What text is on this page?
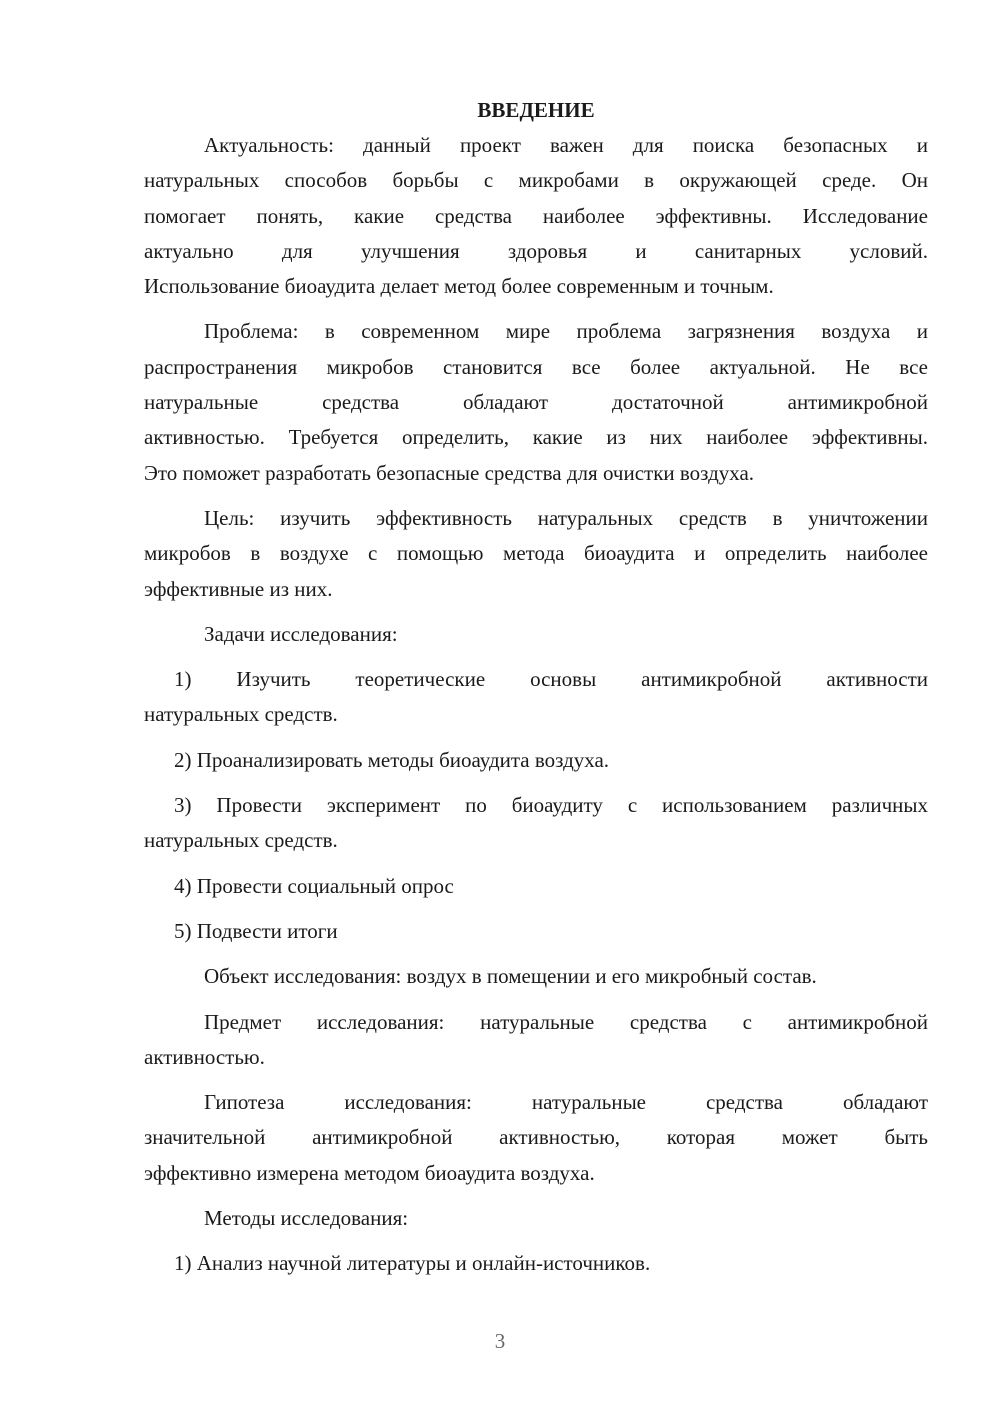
ВВЕДЕНИЕ
Актуальность: данный проект важен для поиска безопасных и
натуральных способов борьбы с микробами в окружающей среде. Он
помогает понять, какие средства наиболее эффективны. Исследование
актуально для улучшения здоровья и санитарных условий.
Использование биоаудита делает метод более современным и точным.
Проблема: в современном мире проблема загрязнения воздуха и
распространения микробов становится все более актуальной. Не все
натуральные средства обладают достаточной антимикробной
активностью. Требуется определить, какие из них наиболее эффективны.
Это поможет разработать безопасные средства для очистки воздуха.
Цель: изучить эффективность натуральных средств в уничтожении
микробов в воздухе с помощью метода биоаудита и определить наиболее
эффективные из них.
Задачи исследования:
1) Изучить теоретические основы антимикробной активности
натуральных средств.
2) Проанализировать методы биоаудита воздуха.
3) Провести эксперимент по биоаудиту с использованием различных
натуральных средств.
4) Провести социальный опрос
5) Подвести итоги
Объект исследования: воздух в помещении и его микробный состав.
Предмет исследования: натуральные средства с антимикробной
активностью.
Гипотеза исследования: натуральные средства обладают
значительной антимикробной активностью, которая может быть
эффективно измерена методом биоаудита воздуха.
Методы исследования:
1) Анализ научной литературы и онлайн-источников.
3
